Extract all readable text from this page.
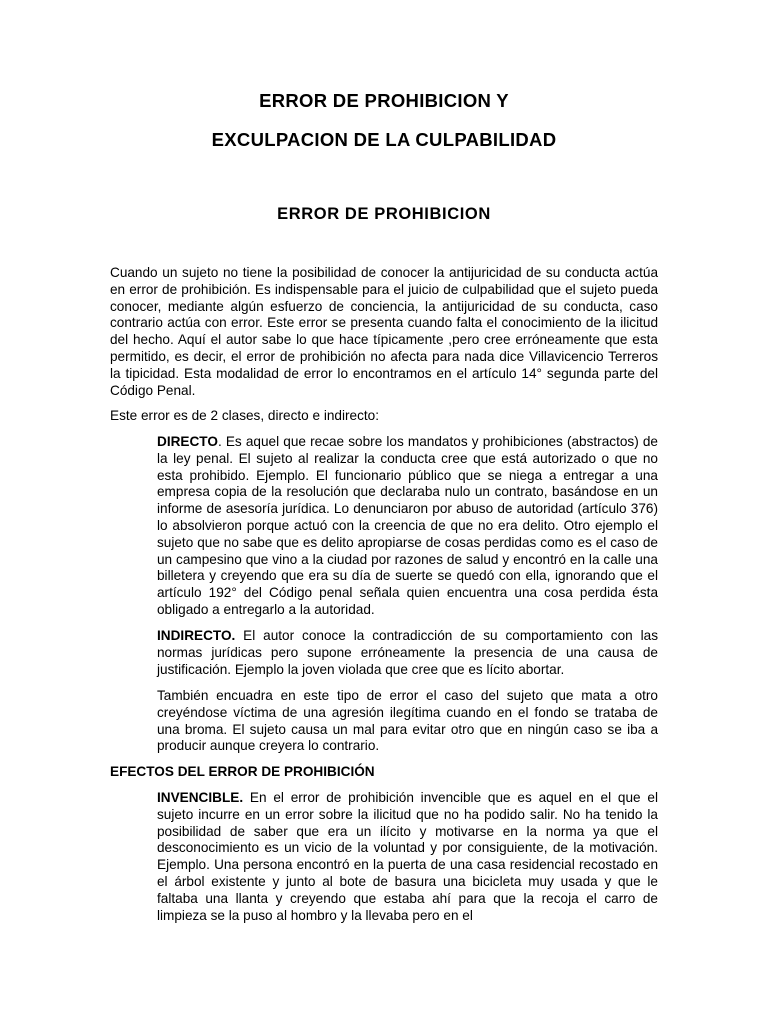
ERROR DE PROHIBICION Y
EXCULPACION DE LA CULPABILIDAD
ERROR DE PROHIBICION

Cuando un sujeto no tiene la posibilidad de conocer la antijuricidad de su conducta actúa en error de prohibición. Es indispensable para el juicio de culpabilidad que el sujeto pueda conocer, mediante algún esfuerzo de conciencia, la antijuricidad de su conducta, caso contrario actúa con error. Este error se presenta cuando falta el conocimiento de la ilicitud del hecho. Aquí el autor sabe lo que hace típicamente ,pero cree erróneamente que esta permitido, es decir, el error de prohibición no afecta para nada dice Villavicencio Terreros la tipicidad. Esta modalidad de error lo encontramos en el artículo 14° segunda parte del Código Penal.

Este error es de 2 clases, directo e indirecto:

DIRECTO. Es aquel que recae sobre los mandatos y prohibiciones (abstractos) de la ley penal. El sujeto al realizar la conducta cree que está autorizado o que no esta prohibido. Ejemplo. El funcionario público que se niega a entregar a una empresa copia de la resolución que declaraba nulo un contrato, basándose en un informe de asesoría jurídica. Lo denunciaron por abuso de autoridad (artículo 376) lo absolvieron porque actuó con la creencia de que no era delito. Otro ejemplo el sujeto que no sabe que es delito apropiarse de cosas perdidas como es el caso de un campesino que vino a la ciudad por razones de salud y encontró en la calle una billetera y creyendo que era su día de suerte se quedó con ella, ignorando que el artículo 192° del Código penal señala quien encuentra una cosa perdida ésta obligado a entregarlo a la autoridad.

INDIRECTO. El autor conoce la contradicción de su comportamiento con las normas jurídicas pero supone erróneamente la presencia de una causa de justificación. Ejemplo la joven violada que cree que es lícito abortar.

También encuadra en este tipo de error el caso del sujeto que mata a otro creyéndose víctima de una agresión ilegítima cuando en el fondo se trataba de una broma. El sujeto causa un mal para evitar otro que en ningún caso se iba a producir aunque creyera lo contrario.

EFECTOS DEL ERROR DE PROHIBICIÓN

INVENCIBLE. En el error de prohibición invencible que es aquel en el que el sujeto incurre en un error sobre la ilicitud que no ha podido salir. No ha tenido la posibilidad de saber que era un ilícito y motivarse en la norma ya que el desconocimiento es un vicio de la voluntad y por consiguiente, de la motivación. Ejemplo. Una persona encontró en la puerta de una casa residencial recostado en el árbol existente y junto al bote de basura una bicicleta muy usada y que le faltaba una llanta y creyendo que estaba ahí para que la recoja el carro de limpieza se la puso al hombro y la llevaba pero en el
